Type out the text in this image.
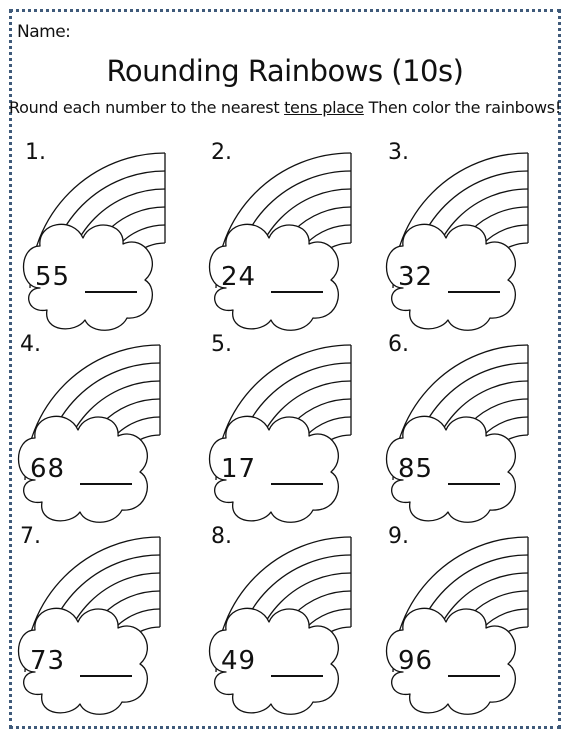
Name:
Rounding Rainbows (10s)
Round each number to the nearest tens place Then color the rainbows!
1.
55
2.
24
3.
32
4.
68
5.
17
6.
85
7.
73
8.
49
9.
96
